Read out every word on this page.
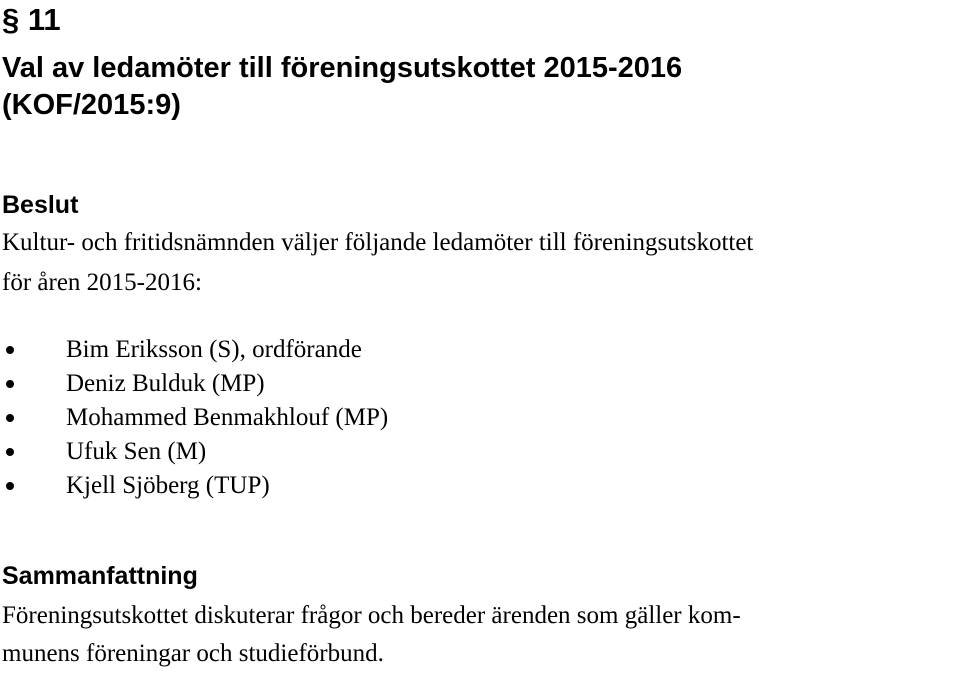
§ 11
Val av ledamöter till föreningsutskottet 2015-2016
(KOF/2015:9)
Beslut
Kultur- och fritidsnämnden väljer följande ledamöter till föreningsutskottet
för åren 2015-2016:
Bim Eriksson (S), ordförande
Deniz Bulduk (MP)
Mohammed Benmakhlouf (MP)
Ufuk Sen (M)
Kjell Sjöberg (TUP)
Sammanfattning
Föreningsutskottet diskuterar frågor och bereder ärenden som gäller kom-
munens föreningar och studieförbund.
